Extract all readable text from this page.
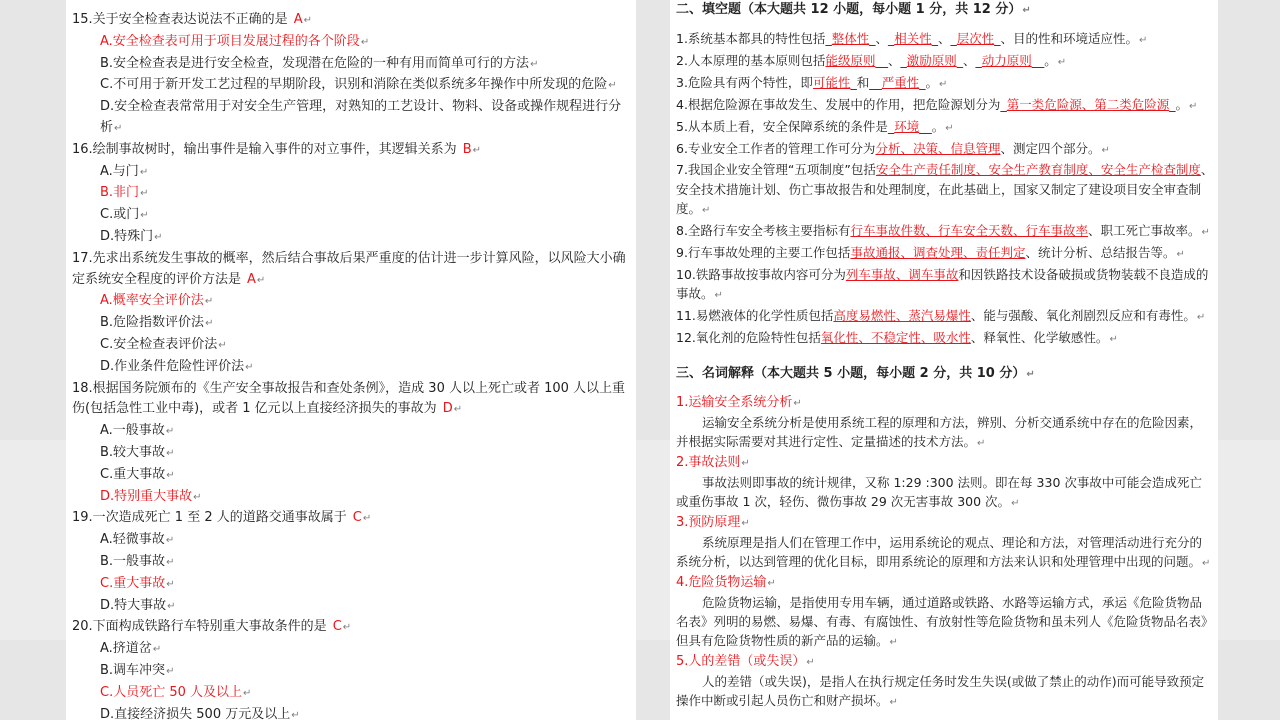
15.关于安全检查表达说法不正确的是 A↵
A.安全检查表可用于项目发展过程的各个阶段↵
B.安全检查表是进行安全检查，发现潜在危险的一种有用而简单可行的方法↵
C.不可用于新开发工艺过程的早期阶段，识别和消除在类似系统多年操作中所发现的危险↵
D.安全检查表常常用于对安全生产管理，对熟知的工艺设计、物料、设备或操作规程进行分析↵
16.绘制事故树时，输出事件是输入事件的对立事件，其逻辑关系为 B↵
A.与门↵
B.非门↵
C.或门↵
D.特殊门↵
17.先求出系统发生事故的概率，然后结合事故后果严重度的估计进一步计算风险，以风险大小确定系统安全程度的评价方法是 A↵
A.概率安全评价法↵
B.危险指数评价法↵
C.安全检查表评价法↵
D.作业条件危险性评价法↵
18.根据国务院颁布的《生产安全事故报告和查处条例》，造成 30 人以上死亡或者 100 人以上重伤(包括急性工业中毒)，或者 1 亿元以上直接经济损失的事故为 D↵
A.一般事故↵
B.较大事故↵
C.重大事故↵
D.特别重大事故↵
19.一次造成死亡 1 至 2 人的道路交通事故属于 C↵
A.轻微事故↵
B.一般事故↵
C.重大事故↵
D.特大事故↵
20.下面构成铁路行车特别重大事故条件的是 C↵
A.挤道岔↵
B.调车冲突↵
C.人员死亡 50 人及以上↵
D.直接经济损失 500 万元及以上↵
二、填空题（本大题共 12 小题，每小题 1 分，共 12 分）↵
1.系统基本都具的特性包括_整体性_、_相关性_、_层次性_、目的性和环境适应性。↵
2.人本原理的基本原则包括能级原则__、_激励原则_、_动力原则__。↵
3.危险具有两个特性，即可能性_和__严重性_。↵
4.根据危险源在事故发生、发展中的作用，把危险源划分为_第一类危险源、第二类危险源_。↵
5.从本质上看，安全保障系统的条件是_环境__。↵
6.专业安全工作者的管理工作可分为分析、决策、信息管理、测定四个部分。↵
7.我国企业安全管理“五项制度”包括安全生产责任制度、安全生产教育制度、安全生产检查制度、安全技术措施计划、伤亡事故报告和处理制度，在此基础上，国家又制定了建设项目安全审查制度。↵
8.全路行车安全考核主要指标有行车事故件数、行车安全天数、行车事故率、职工死亡事故率。↵
9.行车事故处理的主要工作包括事故通报、调查处理、责任判定、统计分析、总结报告等。↵
10.铁路事故按事故内容可分为列车事故、调车事故和因铁路技术设备破损或货物装载不良造成的事故。↵
11.易燃液体的化学性质包括高度易燃性、蒸汽易爆性、能与强酸、氧化剂剧烈反应和有毒性。↵
12.氧化剂的危险特性包括氧化性、不稳定性、吸水性、释氧性、化学敏感性。↵
三、名词解释（本大题共 5 小题，每小题 2 分，共 10 分）↵
1.运输安全系统分析↵
运输安全系统分析是使用系统工程的原理和方法，辨别、分析交通系统中存在的危险因素，并根据实际需要对其进行定性、定量描述的技术方法。↵
2.事故法则↵
事故法则即事故的统计规律，又称 1:29 :300 法则。即在每 330 次事故中可能会造成死亡或重伤事故 1 次，轻伤、微伤事故 29 次无害事故 300 次。↵
3.预防原理↵
系统原理是指人们在管理工作中，运用系统论的观点、理论和方法，对管理活动进行充分的系统分析，以达到管理的优化目标，即用系统论的原理和方法来认识和处理管理中出现的问题。↵
4.危险货物运输↵
危险货物运输，是指使用专用车辆，通过道路或铁路、水路等运输方式，承运《危险货物品名表》列明的易燃、易爆、有毒、有腐蚀性、有放射性等危险货物和虽未列人《危险货物品名表》但具有危险货物性质的新产品的运输。↵
5.人的差错（或失误）↵
人的差错（或失误)，是指人在执行规定任务时发生失误(或做了禁止的动作)而可能导致预定操作中断或引起人员伤亡和财产损坏。↵
